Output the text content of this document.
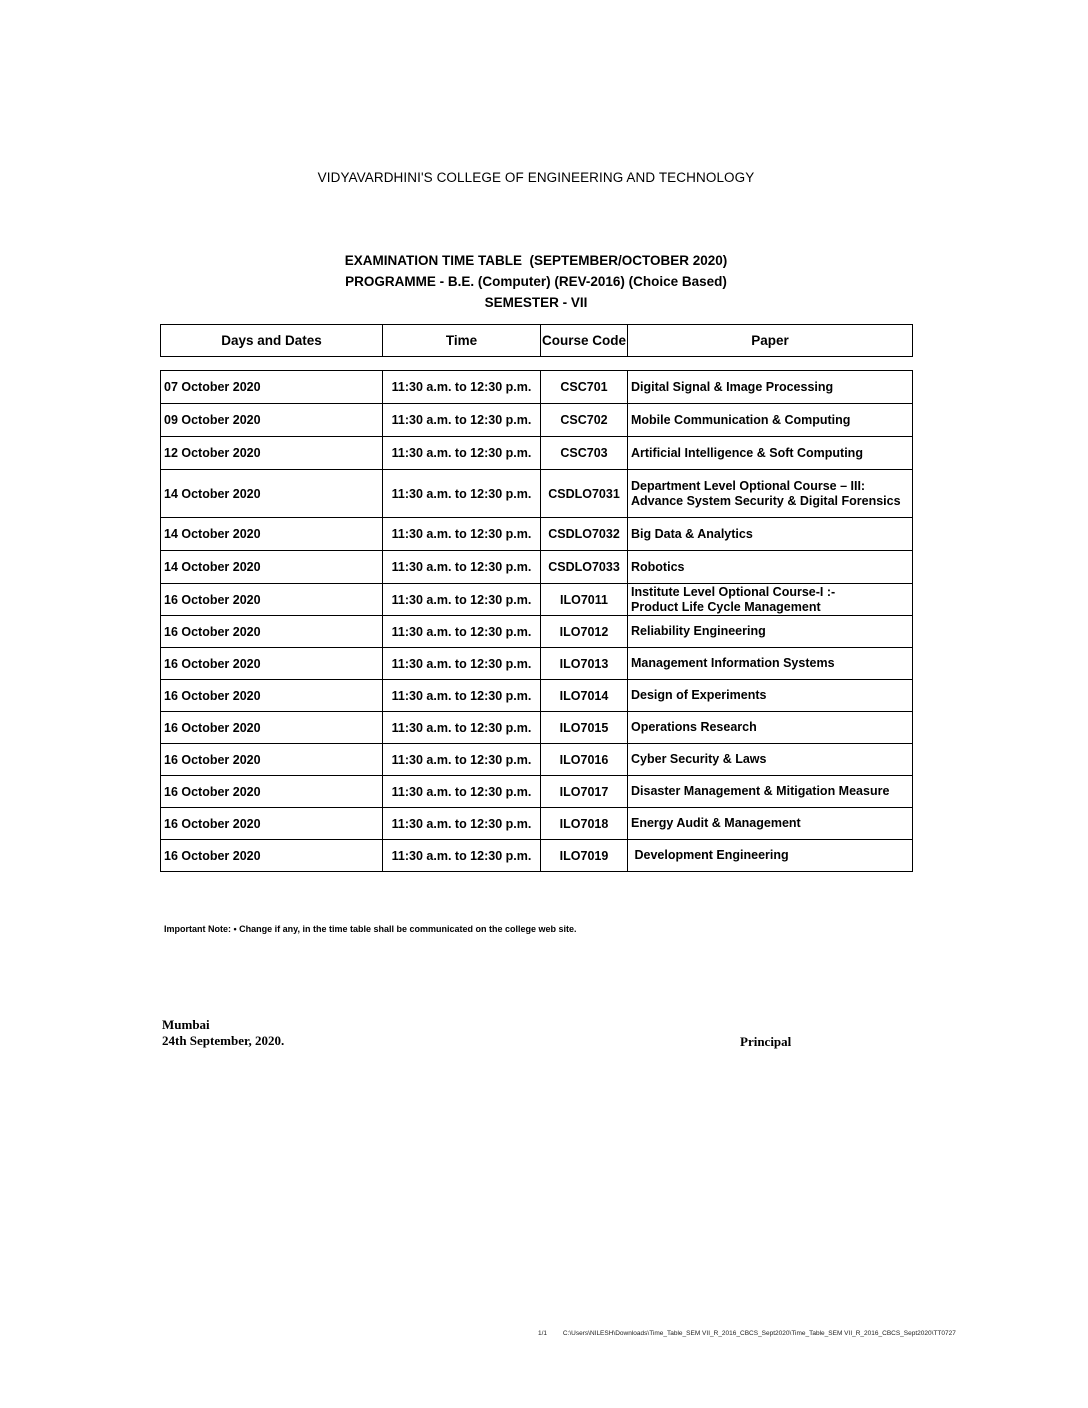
VIDYAVARDHINI'S COLLEGE OF ENGINEERING AND TECHNOLOGY
EXAMINATION TIME TABLE  (SEPTEMBER/OCTOBER 2020)
PROGRAMME - B.E. (Computer) (REV-2016) (Choice Based)
SEMESTER - VII
Days and Dates	Time	Course Code	Paper
07 October 2020	11:30 a.m. to 12:30 p.m.	CSC701	Digital Signal & Image Processing

09 October 2020	11:30 a.m. to 12:30 p.m.	CSC702	Mobile Communication & Computing

12 October 2020	11:30 a.m. to 12:30 p.m.	CSC703	Artificial Intelligence & Soft Computing

14 October 2020	11:30 a.m. to 12:30 p.m.	CSDLO7031	Department Level Optional Course – III:
Advance System Security & Digital Forensics

14 October 2020	11:30 a.m. to 12:30 p.m.	CSDLO7032	Big Data & Analytics

14 October 2020	11:30 a.m. to 12:30 p.m.	CSDLO7033	Robotics

16 October 2020	11:30 a.m. to 12:30 p.m.	ILO7011	Institute Level Optional Course-I :-
Product Life Cycle Management

16 October 2020	11:30 a.m. to 12:30 p.m.	ILO7012	Reliability Engineering

16 October 2020	11:30 a.m. to 12:30 p.m.	ILO7013	Management Information Systems

16 October 2020	11:30 a.m. to 12:30 p.m.	ILO7014	Design of Experiments

16 October 2020	11:30 a.m. to 12:30 p.m.	ILO7015	Operations Research

16 October 2020	11:30 a.m. to 12:30 p.m.	ILO7016	Cyber Security & Laws

16 October 2020	11:30 a.m. to 12:30 p.m.	ILO7017	Disaster Management & Mitigation Measure

16 October 2020	11:30 a.m. to 12:30 p.m.	ILO7018	Energy Audit & Management

16 October 2020	11:30 a.m. to 12:30 p.m.	ILO7019	Development Engineering
Important Note: • Change if any, in the time table shall be communicated on the college web site.
Mumbai
24th September, 2020.	Principal
1/1 C:\Users\NILESH\Downloads\Time_Table_SEM VII_R_2016_CBCS_Sept2020\Time_Table_SEM VII_R_2016_CBCS_Sept2020\TT0727
